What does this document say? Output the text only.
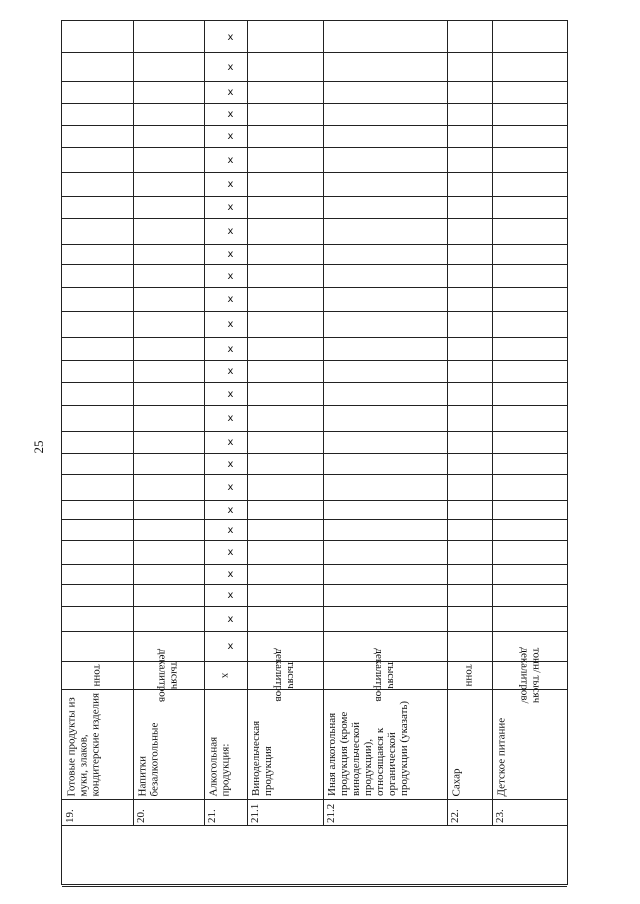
25
x
x
x
x
x
x
x
x
x
x
x
x
x
x
x
x
x
x
x
x
x
x
x
x
x
x
x
тонн
Готовые продукты из муки, злаков, кондитерские изделия
19.
тысяч декалитров
Напитки безалкогольные
20.
x
Алкогольная продукция:
21.
тысяч декалитров
Винодельческая продукция
21.1
тысяч декалитров
Иная алкогольная продукция (кроме винодельческой продукции), относящаяся к органической продукции (указать)
21.2
тонн
Сахар
22.
тонн/ тысяч декалитров/
Детское питание
23.
